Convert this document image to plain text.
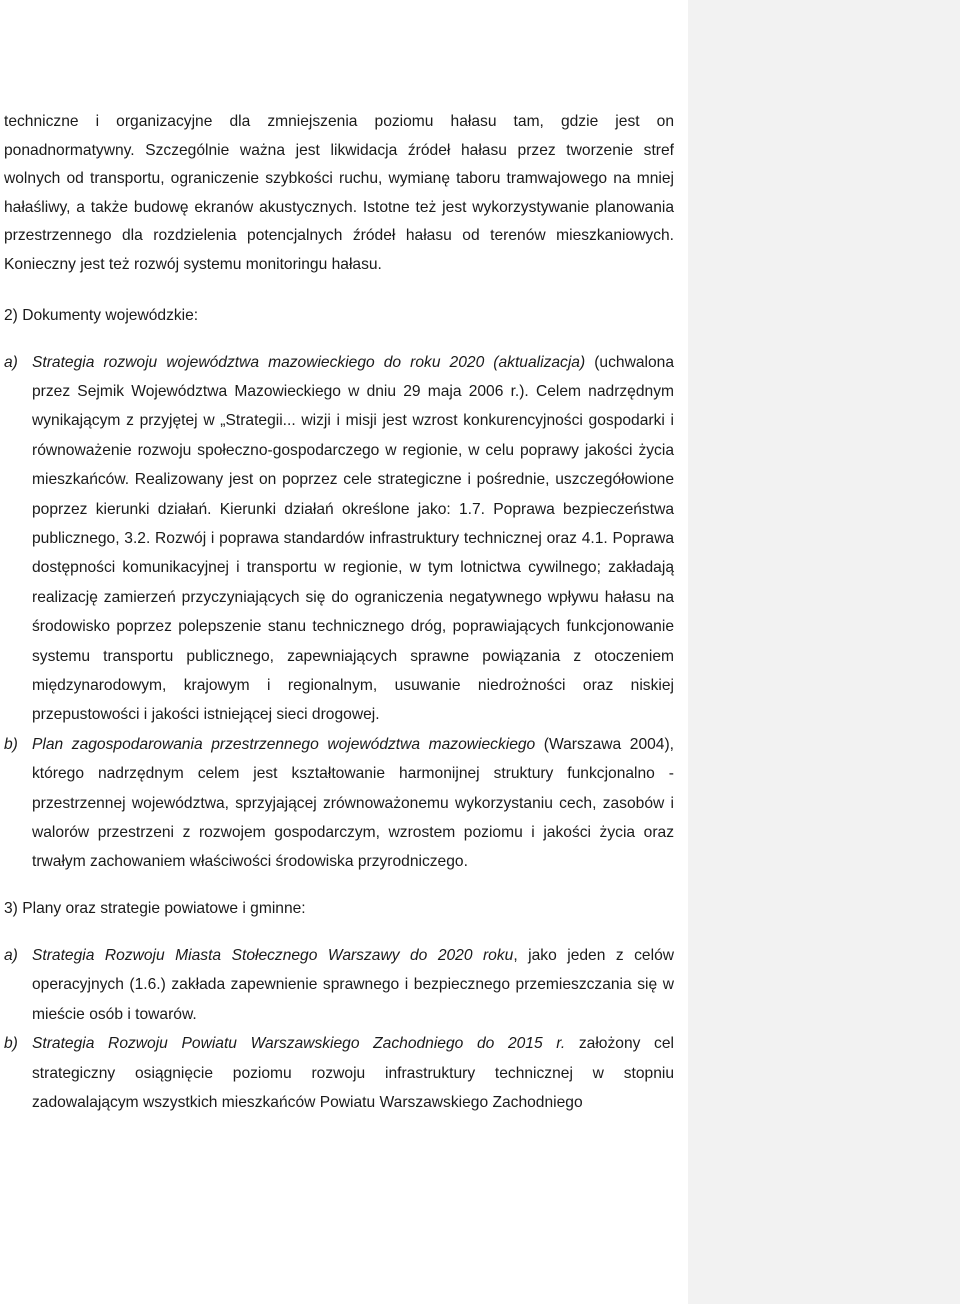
techniczne i organizacyjne dla zmniejszenia poziomu hałasu tam, gdzie jest on ponadnormatywny. Szczególnie ważna jest likwidacja źródeł hałasu przez tworzenie stref wolnych od transportu, ograniczenie szybkości ruchu, wymianę taboru tramwajowego na mniej hałaśliwy, a także budowę ekranów akustycznych. Istotne też jest wykorzystywanie planowania przestrzennego dla rozdzielenia potencjalnych źródeł hałasu od terenów mieszkaniowych. Konieczny jest też rozwój systemu monitoringu hałasu.

2) Dokumenty wojewódzkie:

a) Strategia rozwoju województwa mazowieckiego do roku 2020 (aktualizacja) (uchwalona przez Sejmik Województwa Mazowieckiego w dniu 29 maja 2006 r.). Celem nadrzędnym wynikającym z przyjętej w „Strategii... wizji i misji jest wzrost konkurencyjności gospodarki i równoważenie rozwoju społeczno-gospodarczego w regionie, w celu poprawy jakości życia mieszkańców. Realizowany jest on poprzez cele strategiczne i pośrednie, uszczegółowione poprzez kierunki działań. Kierunki działań określone jako: 1.7. Poprawa bezpieczeństwa publicznego, 3.2. Rozwój i poprawa standardów infrastruktury technicznej oraz 4.1. Poprawa dostępności komunikacyjnej i transportu w regionie, w tym lotnictwa cywilnego; zakładają realizację zamierzeń przyczyniających się do ograniczenia negatywnego wpływu hałasu na środowisko poprzez polepszenie stanu technicznego dróg, poprawiających funkcjonowanie systemu transportu publicznego, zapewniających sprawne powiązania z otoczeniem międzynarodowym, krajowym i regionalnym, usuwanie niedrożności oraz niskiej przepustowości i jakości istniejącej sieci drogowej.
b) Plan zagospodarowania przestrzennego województwa mazowieckiego (Warszawa 2004), którego nadrzędnym celem jest kształtowanie harmonijnej struktury funkcjonalno - przestrzennej województwa, sprzyjającej zrównoważonemu wykorzystaniu cech, zasobów i walorów przestrzeni z rozwojem gospodarczym, wzrostem poziomu i jakości życia oraz trwałym zachowaniem właściwości środowiska przyrodniczego.

3) Plany oraz strategie powiatowe i gminne:

a) Strategia Rozwoju Miasta Stołecznego Warszawy do 2020 roku, jako jeden z celów operacyjnych (1.6.) zakłada zapewnienie sprawnego i bezpiecznego przemieszczania się w mieście osób i towarów.
b) Strategia Rozwoju Powiatu Warszawskiego Zachodniego do 2015 r. założony cel strategiczny osiągnięcie poziomu rozwoju infrastruktury technicznej w stopniu zadowalającym wszystkich mieszkańców Powiatu Warszawskiego Zachodniego
